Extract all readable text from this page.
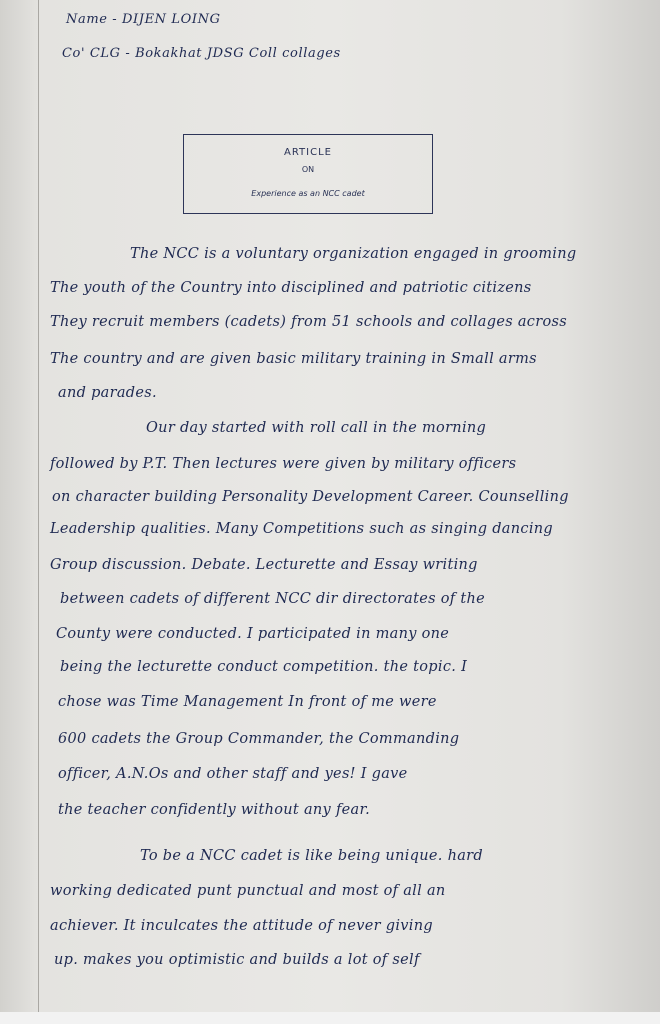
Name - DIJEN LOING
Co' CLG - Bokakhat JDSG Coll collages
ARTICLE
ON
Experience as an NCC cadet
The NCC is a voluntary organization engaged in grooming
The youth of the Country into disciplined and patriotic citizens
They recruit members (cadets) from 51 schools and collages across
The country and are given basic military training in Small arms
and parades.
Our day started with roll call in the morning
followed by P.T. Then lectures were given by military officers
on character building Personality Development Career. Counselling
Leadership qualities. Many Competitions such as singing dancing
Group discussion. Debate. Lecturette and Essay writing
between cadets of different NCC dir directorates of the
County were conducted. I participated in many one
being the lecturette conduct competition. the topic. I
chose was Time Management In front of me were
600 cadets the Group Commander, the Commanding
officer, A.N.Os and other staff and yes! I gave
the teacher confidently without any fear.
To be a NCC cadet is like being unique. hard
working dedicated punt punctual and most of all an
achiever. It inculcates the attitude of never giving
up. makes you optimistic and builds a lot of self
